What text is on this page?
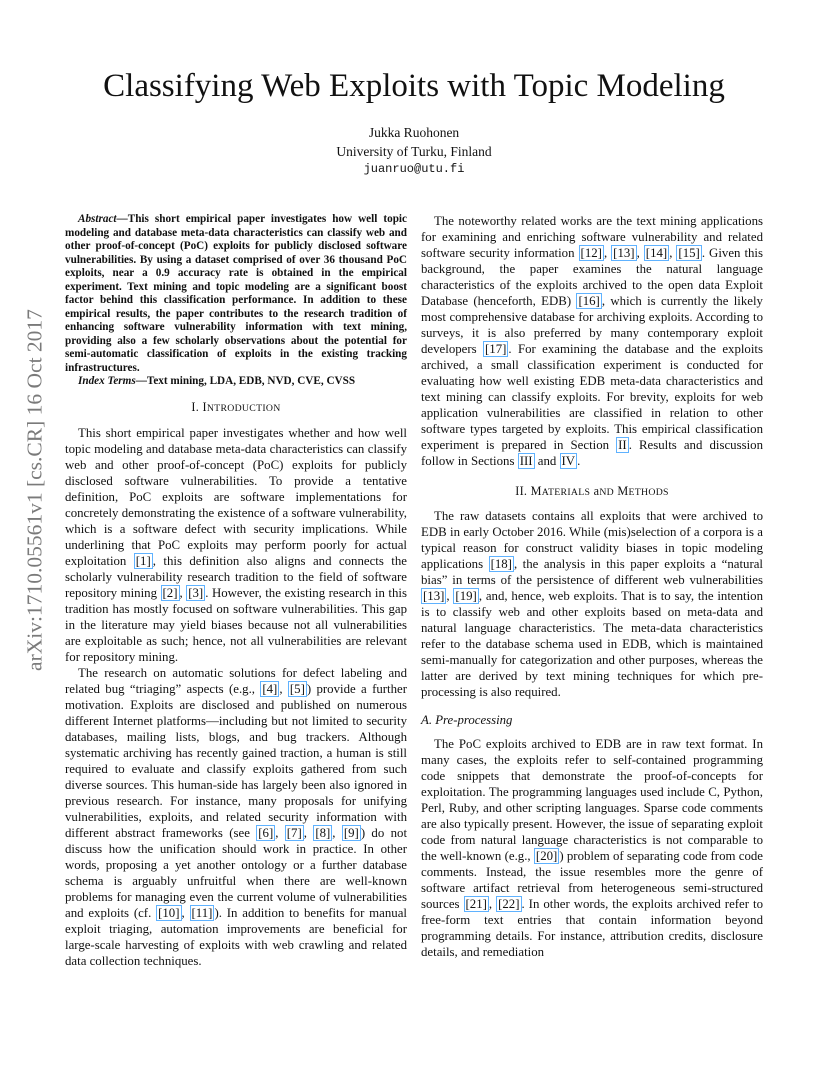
arXiv:1710.05561v1 [cs.CR] 16 Oct 2017
Classifying Web Exploits with Topic Modeling
Jukka Ruohonen
University of Turku, Finland
juanruo@utu.fi

Abstract—This short empirical paper investigates how well topic modeling and database meta-data characteristics can classify web and other proof-of-concept (PoC) exploits for publicly disclosed software vulnerabilities. By using a dataset comprised of over 36 thousand PoC exploits, near a 0.9 accuracy rate is obtained in the empirical experiment. Text mining and topic modeling are a significant boost factor behind this classification performance. In addition to these empirical results, the paper contributes to the research tradition of enhancing software vulnerability information with text mining, providing also a few scholarly observations about the potential for semi-automatic classification of exploits in the existing tracking infrastructures.

Index Terms—Text mining, LDA, EDB, NVD, CVE, CVSS

I. INTRODUCTION

This short empirical paper investigates whether and how well topic modeling and database meta-data characteristics can classify web and other proof-of-concept (PoC) exploits for publicly disclosed software vulnerabilities. To provide a tentative definition, PoC exploits are software implementations for concretely demonstrating the existence of a software vulnerability, which is a software defect with security implications. While underlining that PoC exploits may perform poorly for actual exploitation [1] , this definition also aligns and connects the scholarly vulnerability research tradition to the field of software repository mining [2] , [3] . However, the existing research in this tradition has mostly focused on software vulnerabilities. This gap in the literature may yield biases because not all vulnerabilities are exploitable as such; hence, not all vulnerabilities are relevant for repository mining.

The research on automatic solutions for defect labeling and related bug “triaging” aspects (e.g., [4] , [5] ) provide a further motivation. Exploits are disclosed and published on numerous different Internet platforms—including but not limited to security databases, mailing lists, blogs, and bug trackers. Although systematic archiving has recently gained traction, a human is still required to evaluate and classify exploits gathered from such diverse sources. This human-side has largely been also ignored in previous research. For instance, many proposals for unifying vulnerabilities, exploits, and related security information with different abstract frameworks (see [6] , [7] , [8] , [9] ) do not discuss how the unification should work in practice. In other words, proposing a yet another ontology or a further database schema is arguably unfruitful when there are well-known problems for managing even the current volume of vulnerabilities and exploits (cf. [10] , [11] ). In addition to benefits for manual exploit triaging, automation improvements are beneficial for large-scale harvesting of exploits with web crawling and related data collection techniques.

The noteworthy related works are the text mining applications for examining and enriching software vulnerability and related software security information [12] , [13] , [14] , [15] . Given this background, the paper examines the natural language characteristics of the exploits archived to the open data Exploit Database (henceforth, EDB) [16] , which is currently the likely most comprehensive database for archiving exploits. According to surveys, it is also preferred by many contemporary exploit developers [17] . For examining the database and the exploits archived, a small classification experiment is conducted for evaluating how well existing EDB meta-data characteristics and text mining can classify exploits. For brevity, exploits for web application vulnerabilities are classified in relation to other software types targeted by exploits. This empirical classification experiment is prepared in Section II . Results and discussion follow in Sections III and IV .

II. MATERIALS aND METHODS

The raw datasets contains all exploits that were archived to EDB in early October 2016. While (mis)selection of a corpora is a typical reason for construct validity biases in topic modeling applications [18] , the analysis in this paper exploits a “natural bias” in terms of the persistence of different web vulnerabilities [13] , [19] , and, hence, web exploits. That is to say, the intention is to classify web and other exploits based on meta-data and natural language characteristics. The meta-data characteristics refer to the database schema used in EDB, which is maintained semi-manually for categorization and other purposes, whereas the latter are derived by text mining techniques for which pre-processing is also required.

A. Pre-processing

The PoC exploits archived to EDB are in raw text format. In many cases, the exploits refer to self-contained programming code snippets that demonstrate the proof-of-concepts for exploitation. The programming languages used include C, Python, Perl, Ruby, and other scripting languages. Sparse code comments are also typically present. However, the issue of separating exploit code from natural language characteristics is not comparable to the well-known (e.g., [20] ) problem of separating code from code comments. Instead, the issue resembles more the genre of software artifact retrieval from heterogeneous semi-structured sources [21] , [22] . In other words, the exploits archived refer to free-form text entries that contain information beyond programming details. For instance, attribution credits, disclosure details, and remediation
